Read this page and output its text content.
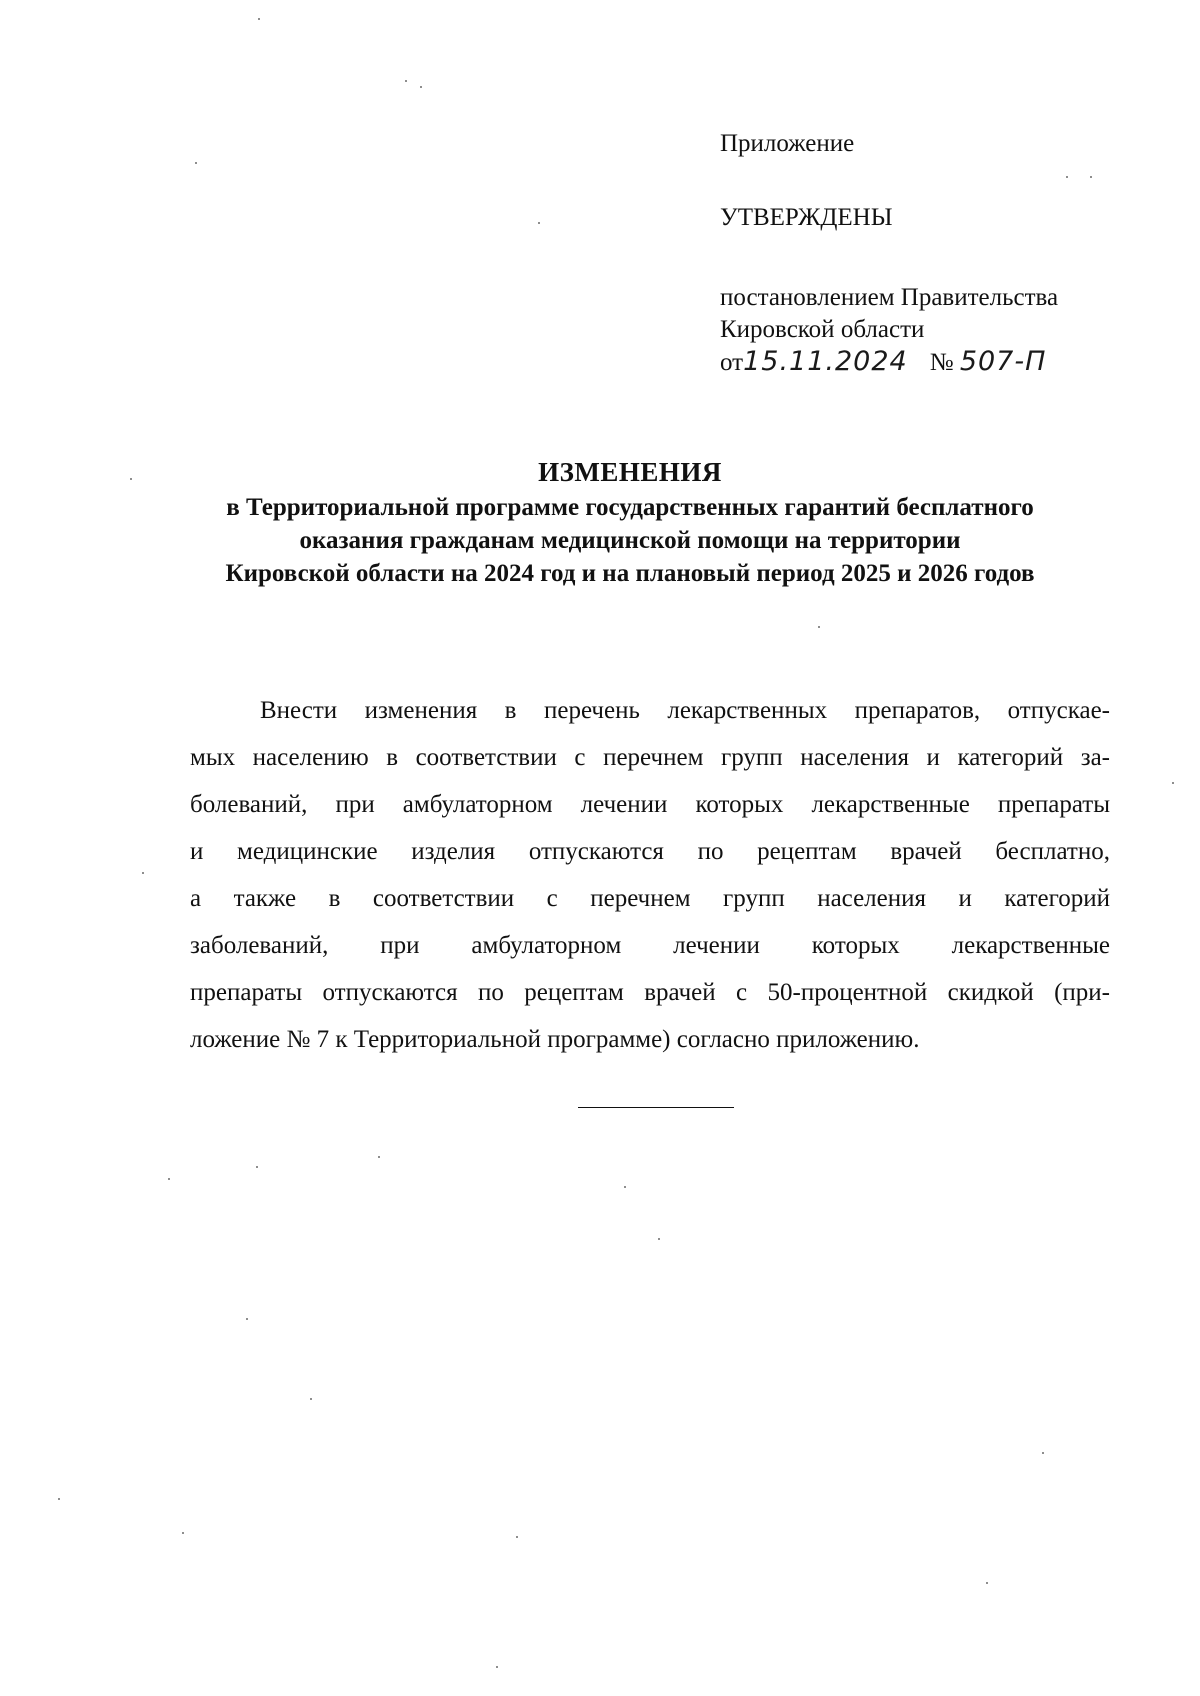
Приложение

УТВЕРЖДЕНЫ

постановлением Правительства

Кировской области

от15.11.2024 № 507-П

ИЗМЕНЕНИЯ

в Территориальной программе государственных гарантий бесплатного

оказания гражданам медицинской помощи на территории

Кировской области на 2024 год и на плановый период 2025 и 2026 годов

Внести изменения в перечень лекарственных препаратов, отпускае-
мых населению в соответствии с перечнем групп населения и категорий за-
болеваний, при амбулаторном лечении которых лекарственные препараты
и медицинские изделия отпускаются по рецептам врачей бесплатно,
а также в соответствии с перечнем групп населения и категорий
заболеваний, при амбулаторном лечении которых лекарственные
препараты отпускаются по рецептам врачей с 50-процентной скидкой (при-
ложение № 7 к Территориальной программе) согласно приложению.
